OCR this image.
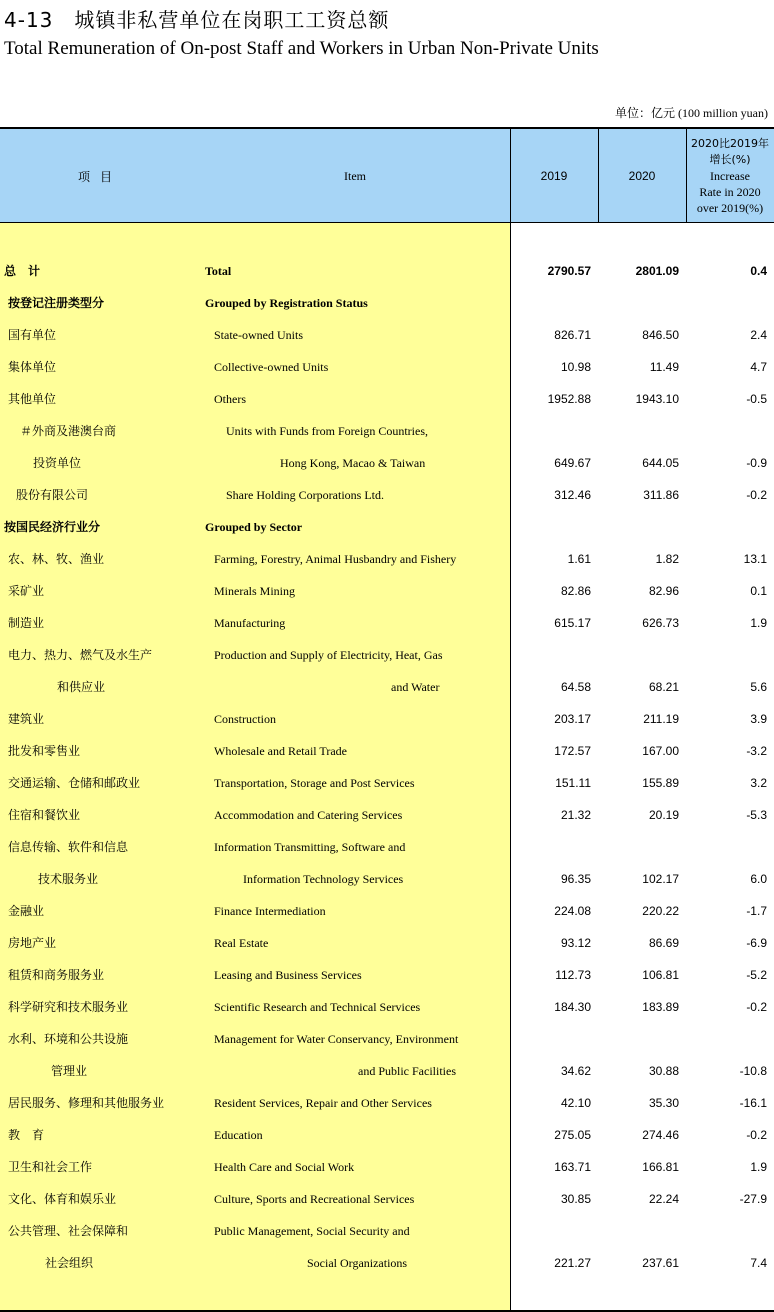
4-13　城镇非私营单位在岗职工工资总额
Total Remuneration of On-post Staff and Workers in Urban Non-Private Units
单位：亿元 (100 million yuan)
项目	Item	2019	2020
2020比2019年
增长(%)
Increase
Rate in 2020
over 2019(%)
总　计	Total	2790.57	2801.09	0.4
按登记注册类型分	Grouped by Registration Status
国有单位	State-owned Units	826.71	846.50	2.4
集体单位	Collective-owned Units	10.98	11.49	4.7
其他单位	Others	1952.88	1943.10	-0.5
＃外商及港澳台商	Units with Funds from Foreign Countries,
投资单位	Hong Kong, Macao & Taiwan	649.67	644.05	-0.9
股份有限公司	Share Holding Corporations Ltd.	312.46	311.86	-0.2
按国民经济行业分	Grouped by Sector
农、林、牧、渔业	Farming, Forestry, Animal Husbandry and Fishery	1.61	1.82	13.1
采矿业	Minerals Mining	82.86	82.96	0.1
制造业	Manufacturing	615.17	626.73	1.9
电力、热力、燃气及水生产	Production and Supply of Electricity, Heat, Gas
和供应业	and Water	64.58	68.21	5.6
建筑业	Construction	203.17	211.19	3.9
批发和零售业	Wholesale and Retail Trade	172.57	167.00	-3.2
交通运输、仓储和邮政业	Transportation, Storage and Post Services	151.11	155.89	3.2
住宿和餐饮业	Accommodation and Catering Services	21.32	20.19	-5.3
信息传输、软件和信息	Information Transmitting, Software and
技术服务业	Information Technology Services	96.35	102.17	6.0
金融业	Finance Intermediation	224.08	220.22	-1.7
房地产业	Real Estate	93.12	86.69	-6.9
租赁和商务服务业	Leasing and Business Services	112.73	106.81	-5.2
科学研究和技术服务业	Scientific Research and Technical Services	184.30	183.89	-0.2
水利、环境和公共设施	Management for Water Conservancy, Environment
管理业	and Public Facilities	34.62	30.88	-10.8
居民服务、修理和其他服务业	Resident Services, Repair and Other Services	42.10	35.30	-16.1
教　育	Education	275.05	274.46	-0.2
卫生和社会工作	Health Care and Social Work	163.71	166.81	1.9
文化、体育和娱乐业	Culture, Sports and Recreational Services	30.85	22.24	-27.9
公共管理、社会保障和	Public Management, Social Security and
社会组织	Social Organizations	221.27	237.61	7.4
